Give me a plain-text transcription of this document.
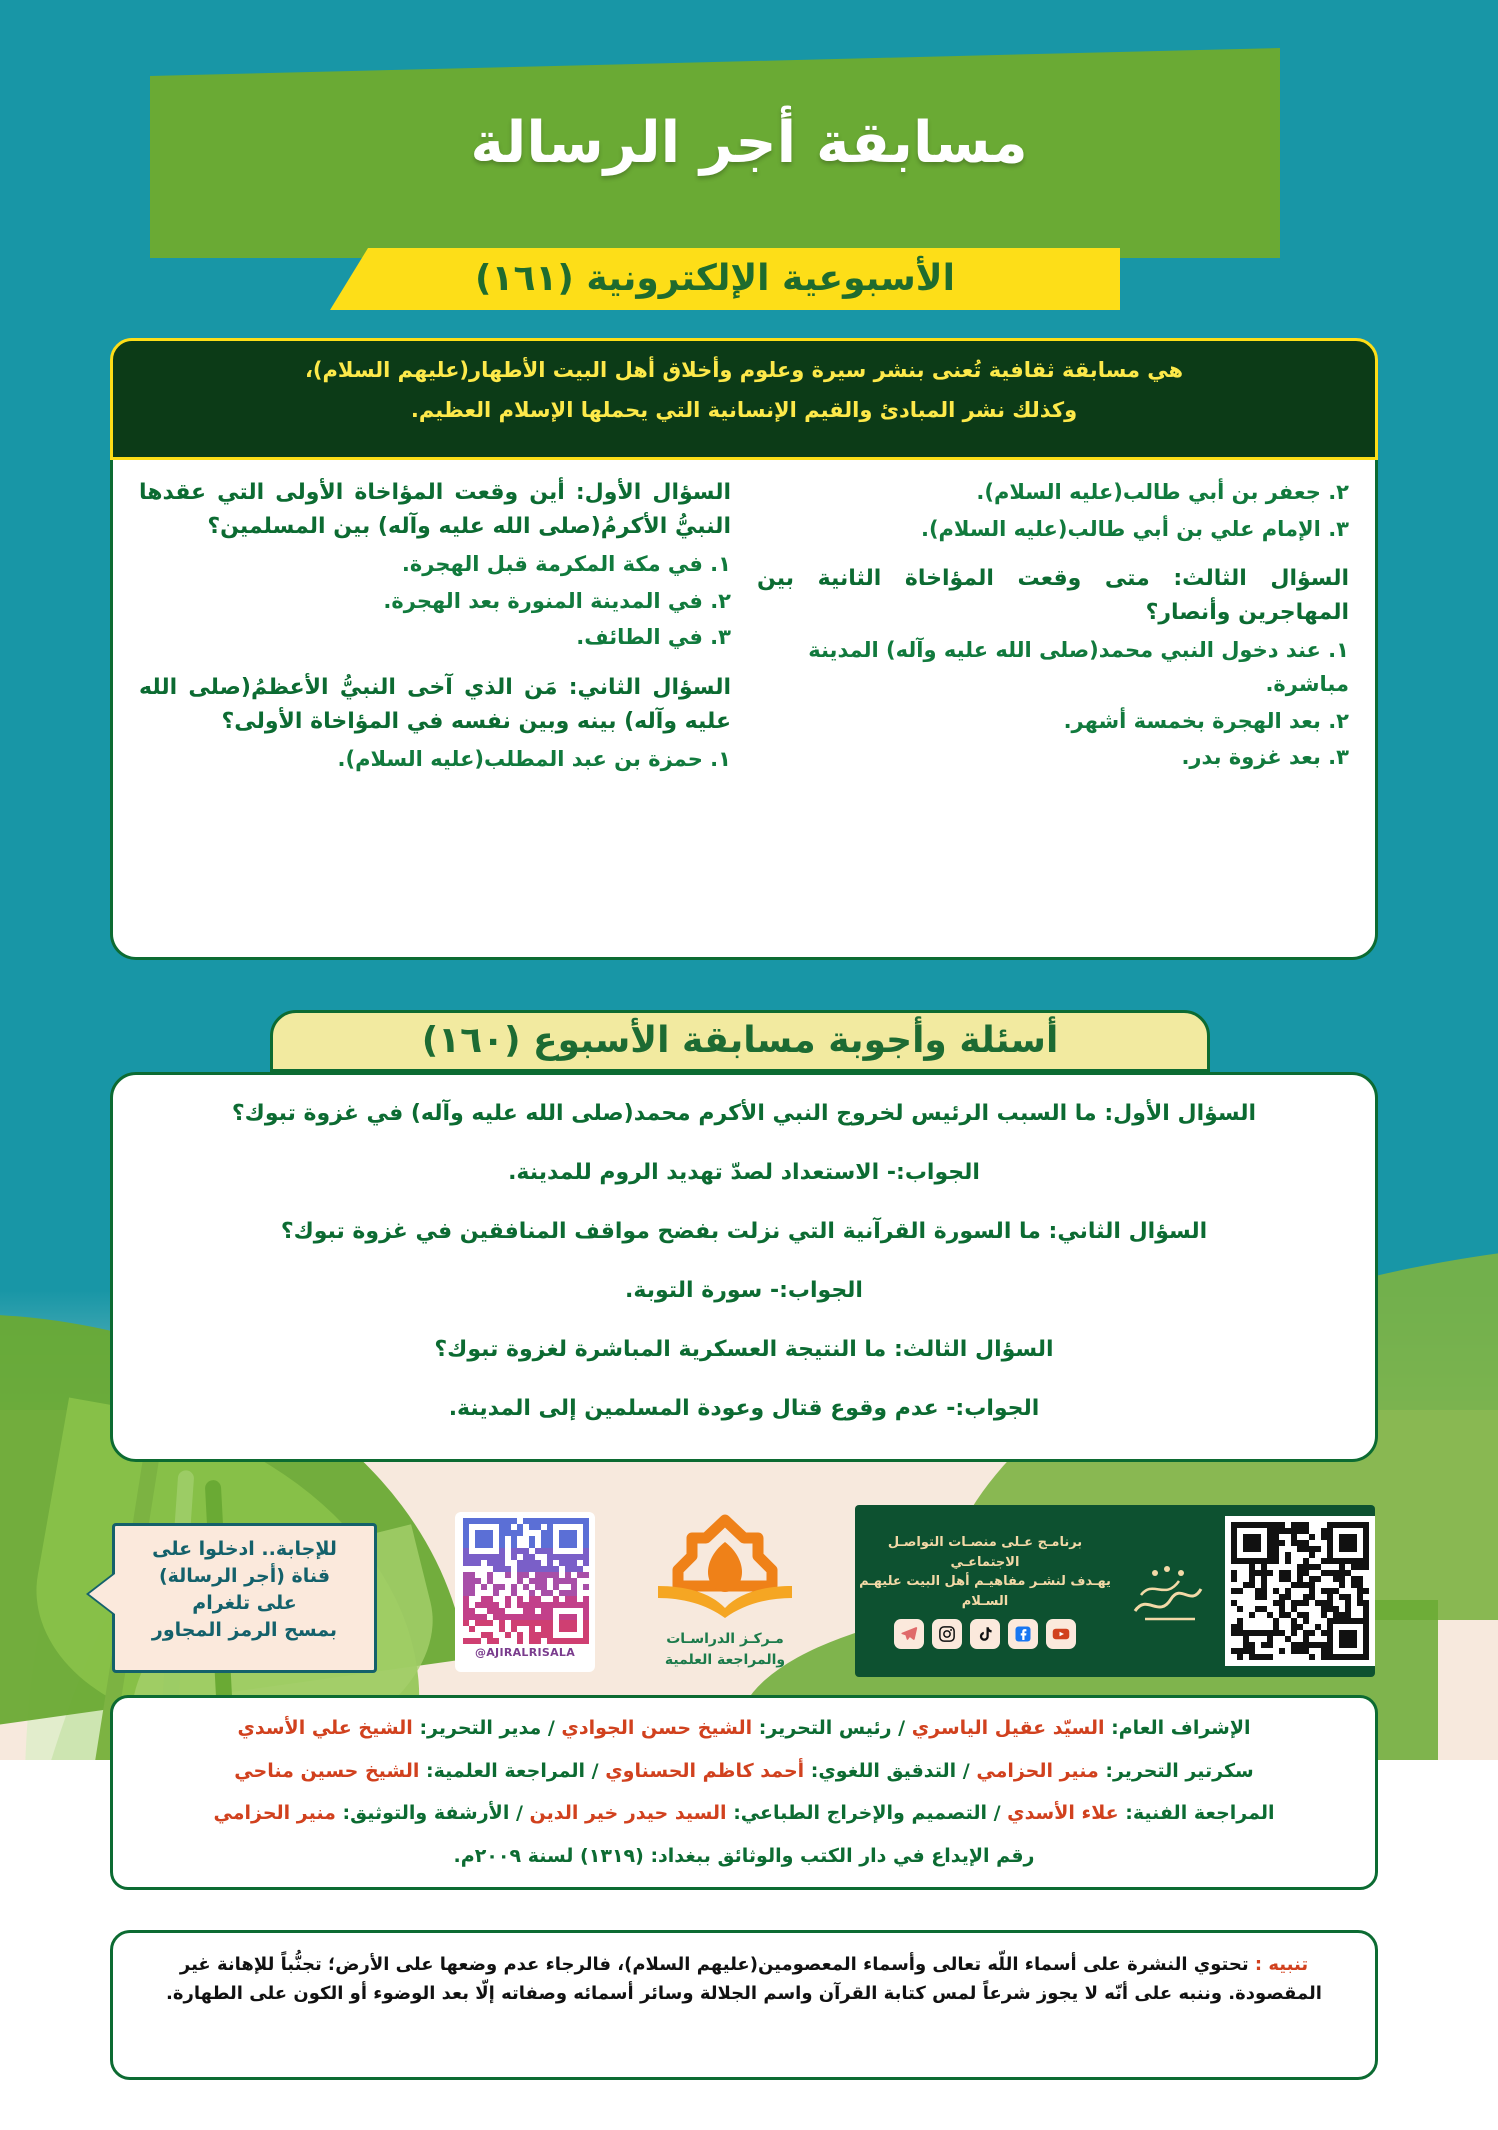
مسابقة أجر الرسالة
الأسبوعية الإلكترونية (١٦١)
هي مسابقة ثقافية تُعنى بنشر سيرة وعلوم وأخلاق أهل البيت الأطهار(عليهم السلام)،
وكذلك نشر المبادئ والقيم الإنسانية التي يحملها الإسلام العظيم.
٢. جعفر بن أبي طالب(عليه السلام).
٣. الإمام علي بن أبي طالب(عليه السلام).
السؤال الثالث: متى وقعت المؤاخاة الثانية بين المهاجرين وأنصار؟
١. عند دخول النبي محمد(صلى الله عليه وآله) المدينة مباشرة.
٢. بعد الهجرة بخمسة أشهر.
٣. بعد غزوة بدر.
السؤال الأول: أين وقعت المؤاخاة الأولى التي عقدها النبيُّ الأكرمُ(صلى الله عليه وآله) بين المسلمين؟
١. في مكة المكرمة قبل الهجرة.
٢. في المدينة المنورة بعد الهجرة.
٣. في الطائف.
السؤال الثاني: مَن الذي آخى النبيُّ الأعظمُ(صلى الله عليه وآله) بينه وبين نفسه في المؤاخاة الأولى؟
١. حمزة بن عبد المطلب(عليه السلام).
أسئلة وأجوبة مسابقة الأسبوع (١٦٠)
السؤال الأول: ما السبب الرئيس لخروج النبي الأكرم محمد(صلى الله عليه وآله) في غزوة تبوك؟
الجواب:- الاستعداد لصدّ تهديد الروم للمدينة.
السؤال الثاني: ما السورة القرآنية التي نزلت بفضح مواقف المنافقين في غزوة تبوك؟
الجواب:- سورة التوبة.
السؤال الثالث: ما النتيجة العسكرية المباشرة لغزوة تبوك؟
الجواب:- عدم وقوع قتال وعودة المسلمين إلى المدينة.
للإجابة.. ادخلوا على
قناة (أجر الرسالة)
على تلغرام
بمسح الرمز المجاور
@AJIRALRISALA
مـركـز الدراسـات
والمراجعة العلمية
برنامـج عـلى منصـات التواصـل الاجتماعـي
يهـدف لنشـر مفاهيـم أهل البيت عليهـم السـلام
الإشراف العام: السيّد عقيل الياسري / رئيس التحرير: الشيخ حسن الجوادي / مدير التحرير: الشيخ علي الأسدي
سكرتير التحرير: منير الحزامي / التدقيق اللغوي: أحمد كاظم الحسناوي / المراجعة العلمية: الشيخ حسين مناحي
المراجعة الفنية: علاء الأسدي / التصميم والإخراج الطباعي: السيد حيدر خير الدين / الأرشفة والتوثيق: منير الحزامي
رقم الإيداع في دار الكتب والوثائق ببغداد: (١٣١٩) لسنة ٢٠٠٩م.
تنبيه : تحتوي النشرة على أسماء اللّه تعالى وأسماء المعصومين(عليهم السلام)، فالرجاء عدم وضعها على الأرض؛ تجنُّباً للإهانة غير
المقصودة. وننبه على أنّه لا يجوز شرعاً لمس كتابة القرآن واسم الجلالة وسائر أسمائه وصفاته إلّا بعد الوضوء أو الكون على الطهارة.
